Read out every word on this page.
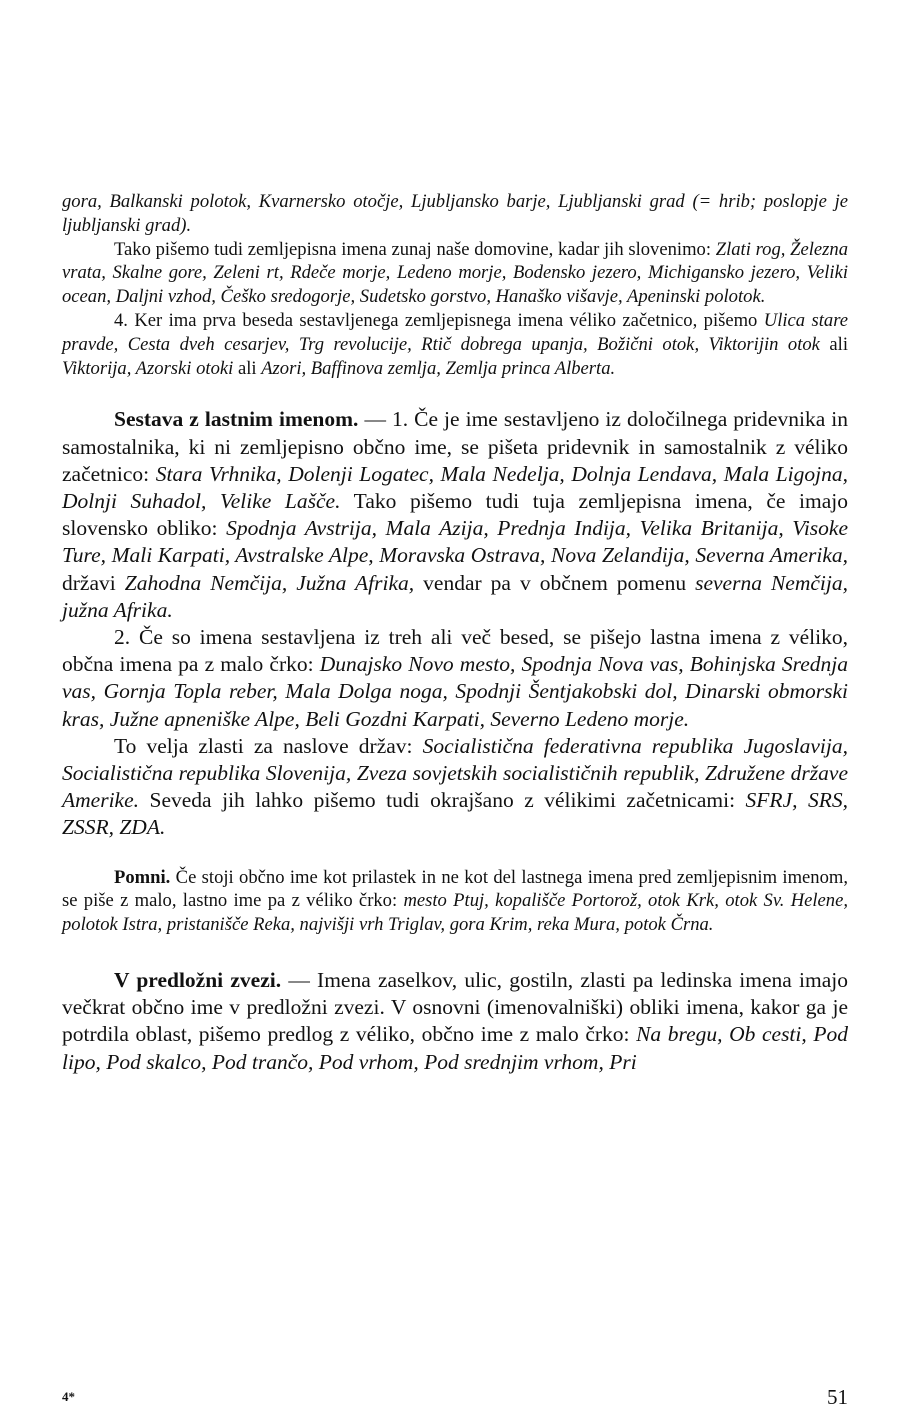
gora, Balkanski polotok, Kvarnersko otočje, Ljubljansko barje, Ljubljanski grad (= hrib; poslopje je ljubljanski grad).

Tako pišemo tudi zemljepisna imena zunaj naše domovine, kadar jih slovenimo: Zlati rog, Železna vrata, Skalne gore, Zeleni rt, Rdeče morje, Ledeno morje, Bodensko jezero, Michigansko jezero, Veliki ocean, Daljni vzhod, Češko sredogorje, Sudetsko gorstvo, Hanaško višavje, Apeninski polotok.

4. Ker ima prva beseda sestavljenega zemljepisnega imena véliko začetnico, pišemo Ulica stare pravde, Cesta dveh cesarjev, Trg revolucije, Rtič dobrega upanja, Božični otok, Viktorijin otok ali Viktorija, Azorski otoki ali Azori, Baffinova zemlja, Zemlja princa Alberta.

Sestava z lastnim imenom. — 1. Če je ime sestavljeno iz določilnega pridevnika in samostalnika, ki ni zemljepisno občno ime, se pišeta pridevnik in samostalnik z véliko začetnico: Stara Vrhnika, Dolenji Logatec, Mala Nedelja, Dolnja Lendava, Mala Ligojna, Dolnji Suhadol, Velike Lašče. Tako pišemo tudi tuja zemljepisna imena, če imajo slovensko obliko: Spodnja Avstrija, Mala Azija, Prednja Indija, Velika Britanija, Visoke Ture, Mali Karpati, Avstralske Alpe, Moravska Ostrava, Nova Zelandija, Severna Amerika, državi Zahodna Nemčija, Južna Afrika, vendar pa v občnem pomenu severna Nemčija, južna Afrika.

2. Če so imena sestavljena iz treh ali več besed, se pišejo lastna imena z véliko, občna imena pa z malo črko: Dunajsko Novo mesto, Spodnja Nova vas, Bohinjska Srednja vas, Gornja Topla reber, Mala Dolga noga, Spodnji Šentjakobski dol, Dinarski obmorski kras, Južne apneniške Alpe, Beli Gozdni Karpati, Severno Ledeno morje.

To velja zlasti za naslove držav: Socialistična federativna republika Jugoslavija, Socialistična republika Slovenija, Zveza sovjetskih socialističnih republik, Združene države Amerike. Seveda jih lahko pišemo tudi okrajšano z vélikimi začetnicami: SFRJ, SRS, ZSSR, ZDA.

Pomni. Če stoji občno ime kot prilastek in ne kot del lastnega imena pred zemljepisnim imenom, se piše z malo, lastno ime pa z véliko črko: mesto Ptuj, kopališče Portorož, otok Krk, otok Sv. Helene, polotok Istra, pristanišče Reka, najvišji vrh Triglav, gora Krim, reka Mura, potok Črna.

V predložni zvezi. — Imena zaselkov, ulic, gostiln, zlasti pa ledinska imena imajo večkrat občno ime v predložni zvezi. V osnovni (imenovalniški) obliki imena, kakor ga je potrdila oblast, pišemo predlog z véliko, občno ime z malo črko: Na bregu, Ob cesti, Pod lipo, Pod skalco, Pod trančo, Pod vrhom, Pod srednjim vrhom, Pri

4*	51
